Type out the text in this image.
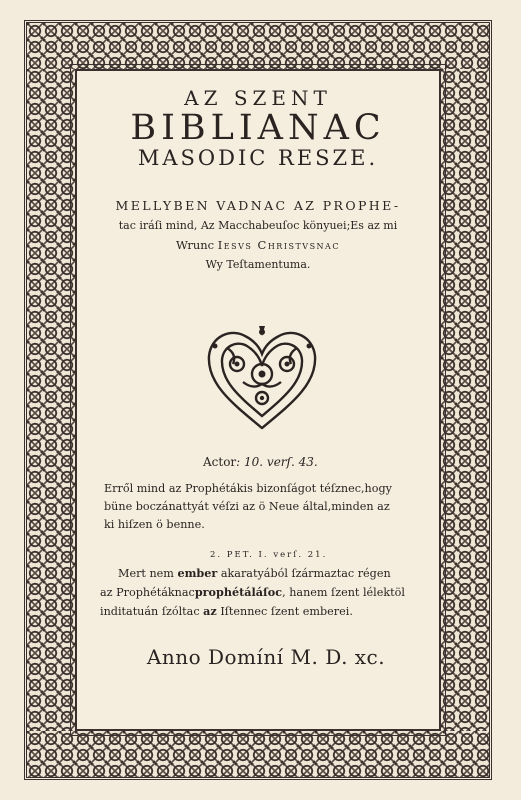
AZ SZENT
BIBLIANAC
MASODIC RESZE.
MELLYBEN VADNAC AZ PROPHE-
tac iráſi mind, Az Macchabeuſoc könyuei;Es az mi
Wrunc Iesvs Christvsnac
Wy Teſtamentuma.
Actor: 10. verſ. 43.
Erről mind az Prophétákis bizonſágot téſznec,hogy
büne boczánattyát véſzi az ö Neue által,minden az
ki hiſzen ö benne.
2. PET. I. verſ. 21.
Mert nem ember akaratyából ſzármaztac régen
az Prophétáknacprophétáláſoc, hanem ſzent lélektöl
inditatuán ſzóltac az Iſtennec ſzent emberei.
Anno Domíní M. D. xc.
